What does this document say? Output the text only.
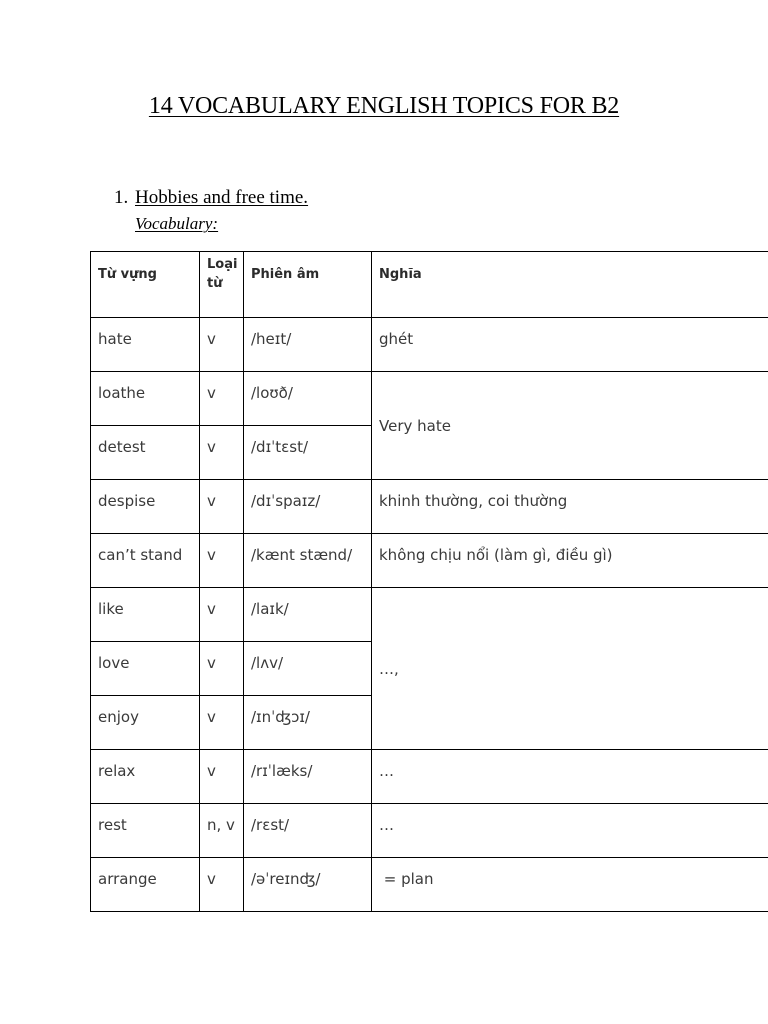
14 VOCABULARY ENGLISH TOPICS FOR B2
1. Hobbies and free time.

Vocabulary:

Từ vựng	Loại từ	Phiên âm	Nghĩa
hate	v	/heɪt/	ghét
loathe	v	/loʊð/	Very hate
detest	v	/dɪˈtɛst/	
despise	v	/dɪˈspaɪz/	khinh thường, coi thường
can’t stand	v	/kænt stænd/	không chịu nổi (làm gì, điều gì)
like	v	/laɪk/	…,
love	v	/lʌv/	
enjoy	v	/ɪnˈʤɔɪ/	
relax	v	/rɪˈlæks/	…
rest	n, v	/rɛst/	…
arrange	v	/əˈreɪnʤ/	= plan
